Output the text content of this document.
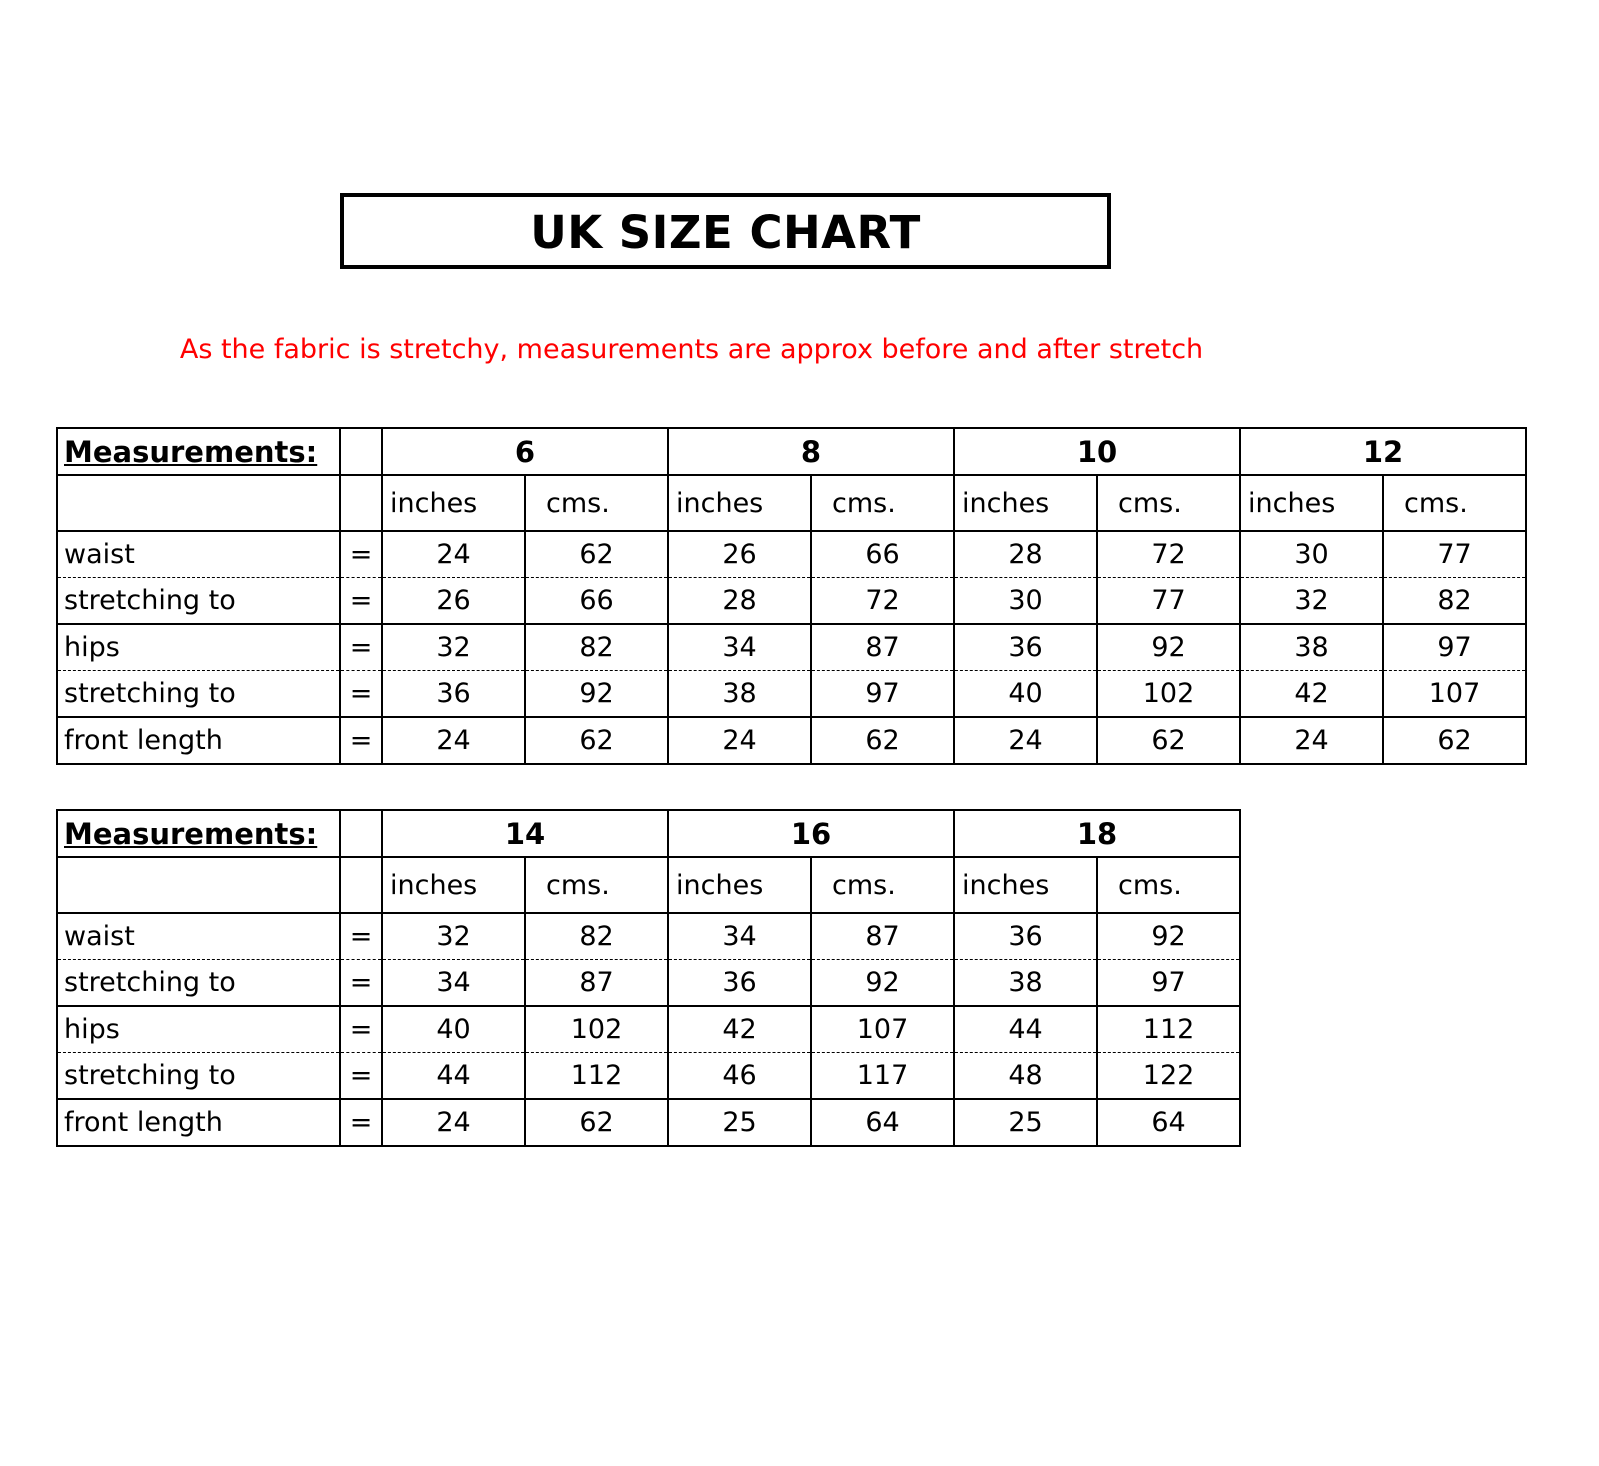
UK SIZE CHART
As the fabric is stretchy, measurements are approx before and after stretch
Measurements:		6		8		10		12	
		inches	cms.	inches	cms.	inches	cms.	inches	cms.
waist	=	24	62	26	66	28	72	30	77
stretching to	=	26	66	28	72	30	77	32	82
hips	=	32	82	34	87	36	92	38	97
stretching to	=	36	92	38	97	40	102	42	107
front length	=	24	62	24	62	24	62	24	62
Measurements:		14		16		18	
		inches	cms.	inches	cms.	inches	cms.
waist	=	32	82	34	87	36	92
stretching to	=	34	87	36	92	38	97
hips	=	40	102	42	107	44	112
stretching to	=	44	112	46	117	48	122
front length	=	24	62	25	64	25	64
